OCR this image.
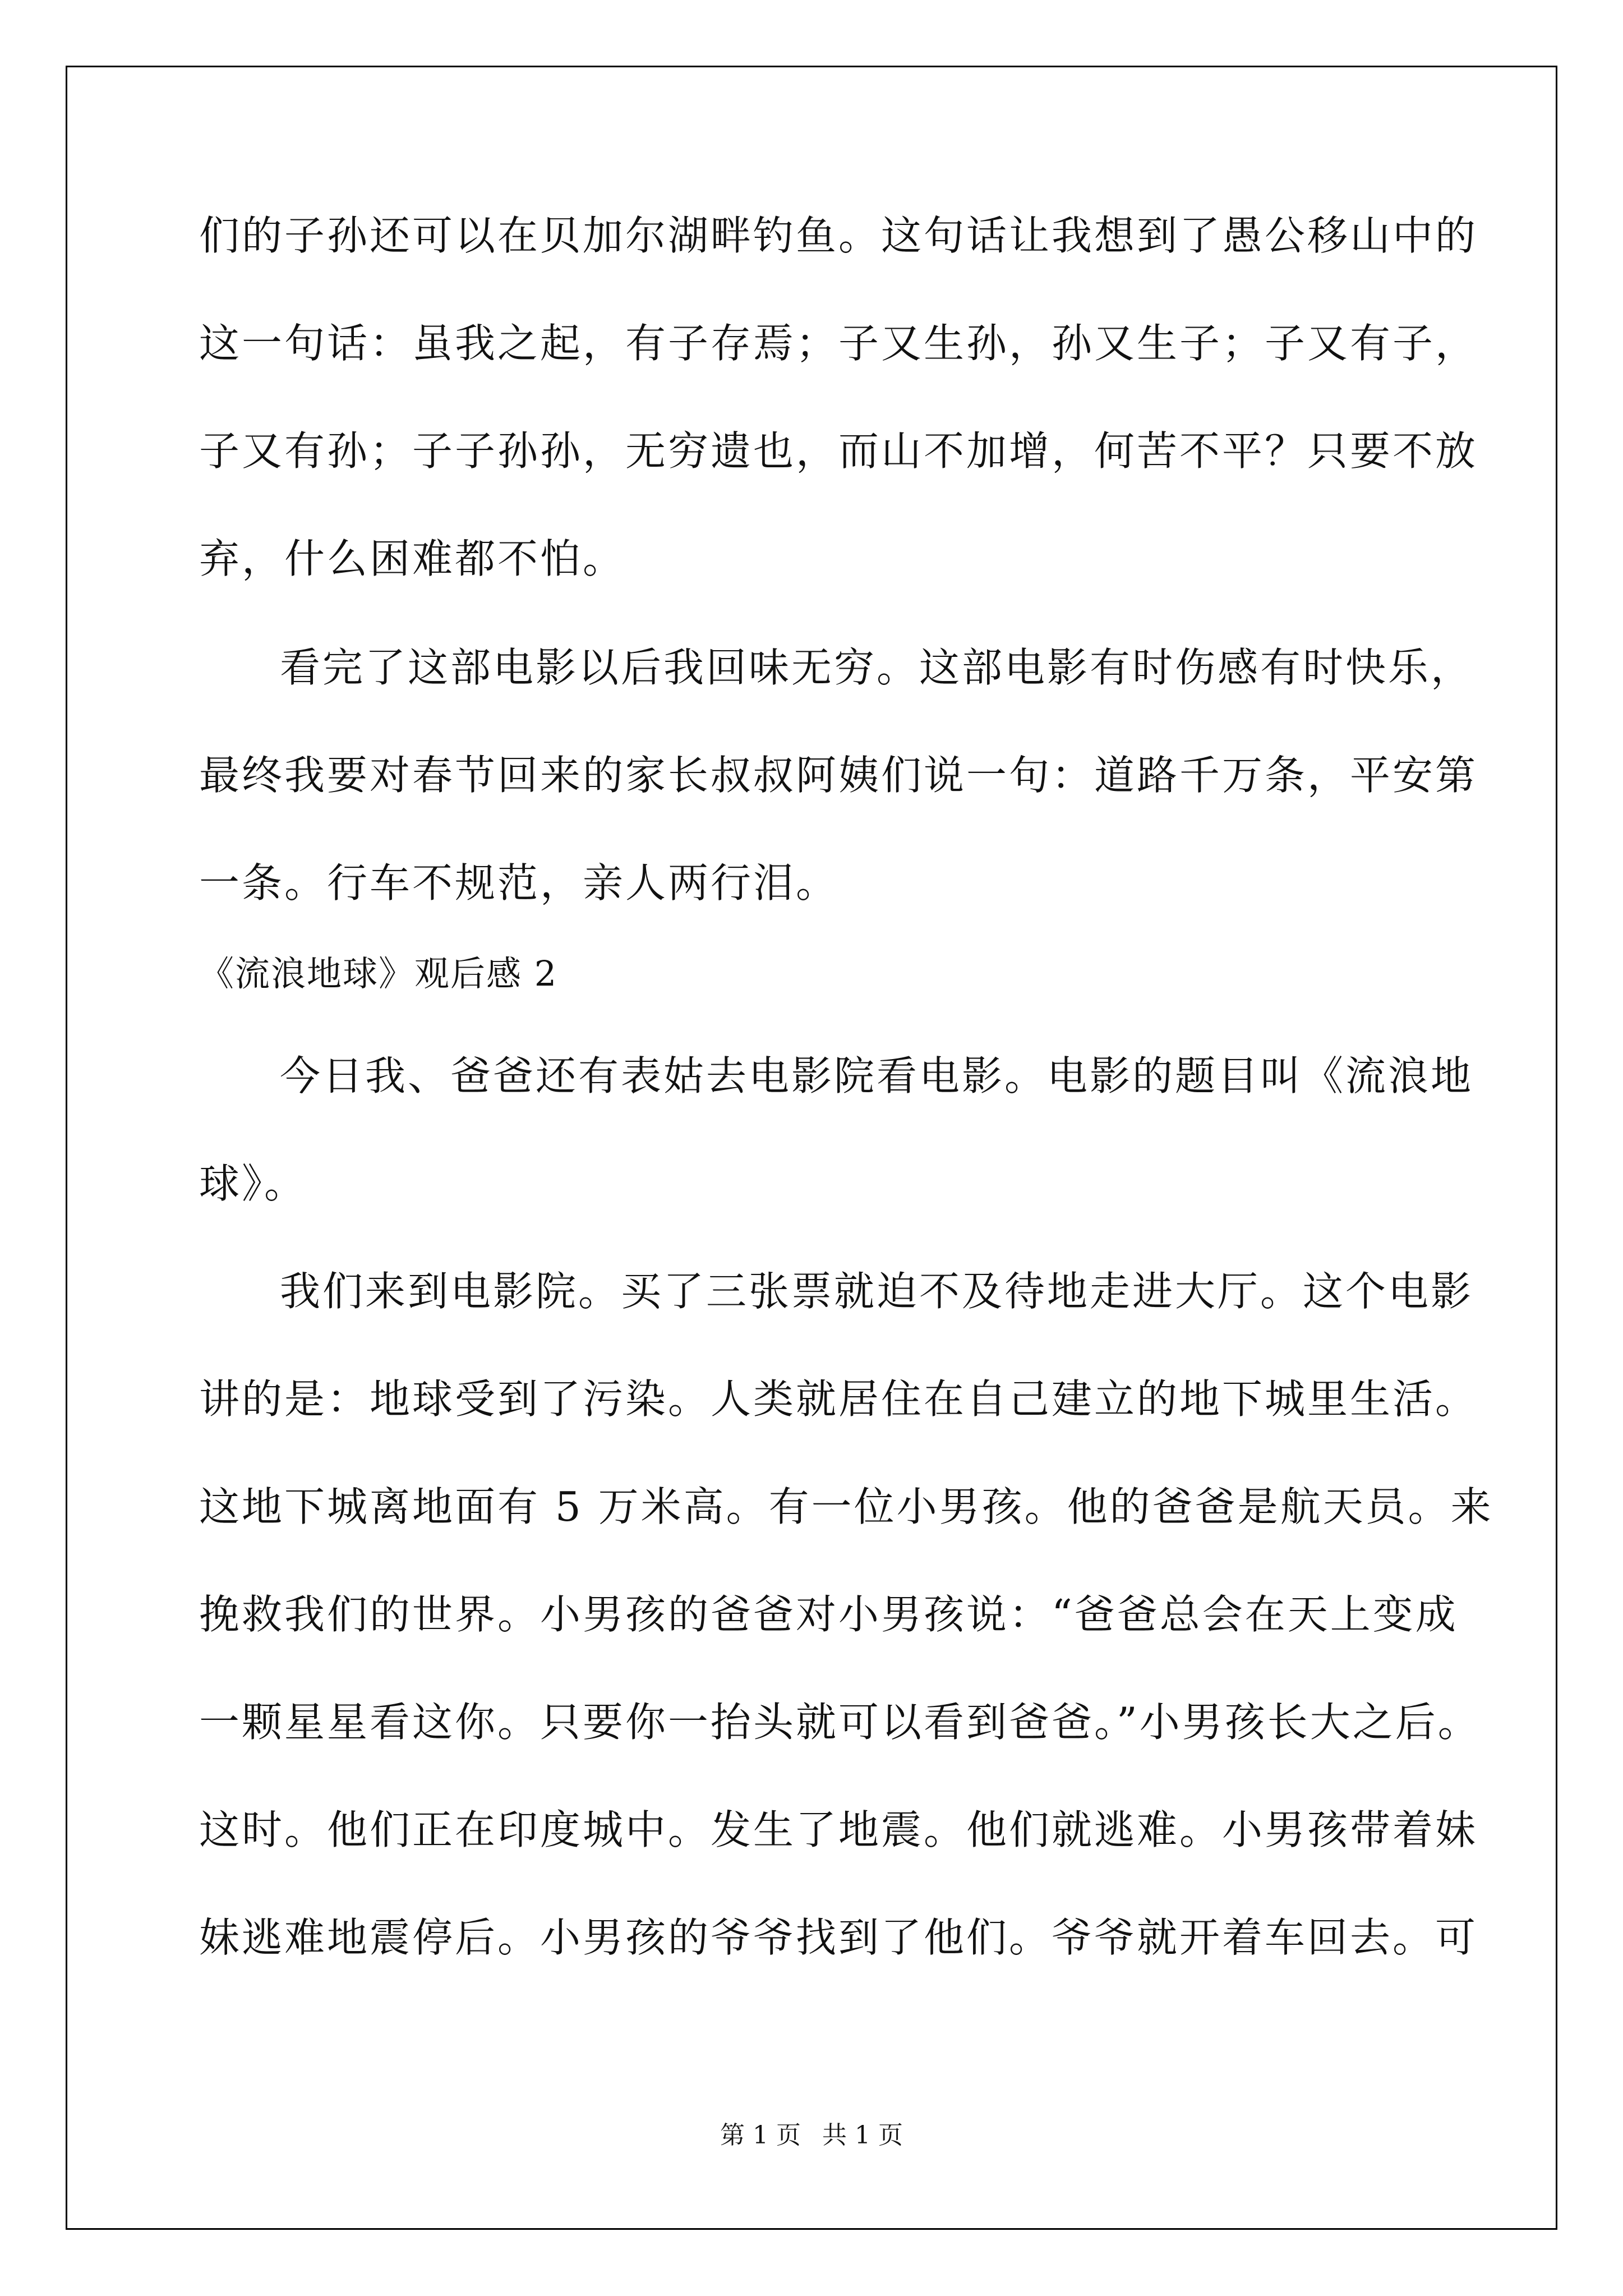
们的子孙还可以在贝加尔湖畔钓鱼。这句话让我想到了愚公移山中的
这一句话：虽我之起，有子存焉；子又生孙，孙又生子；子又有子，
子又有孙；子子孙孙，无穷遗也，而山不加增，何苦不平？只要不放
弃，什么困难都不怕。
看完了这部电影以后我回味无穷。这部电影有时伤感有时快乐，
最终我要对春节回来的家长叔叔阿姨们说一句：道路千万条，平安第
一条。行车不规范，亲人两行泪。
《流浪地球》观后感 2
今日我、爸爸还有表姑去电影院看电影。电影的题目叫《流浪地
球》。
我们来到电影院。买了三张票就迫不及待地走进大厅。这个电影
讲的是：地球受到了污染。人类就居住在自己建立的地下城里生活。
这地下城离地面有 5 万米高。有一位小男孩。他的爸爸是航天员。来
挽救我们的世界。小男孩的爸爸对小男孩说：“爸爸总会在天上变成
一颗星星看这你。只要你一抬头就可以看到爸爸。”小男孩长大之后。
这时。他们正在印度城中。发生了地震。他们就逃难。小男孩带着妹
妹逃难地震停后。小男孩的爷爷找到了他们。爷爷就开着车回去。可
第 1 页 共 1 页
